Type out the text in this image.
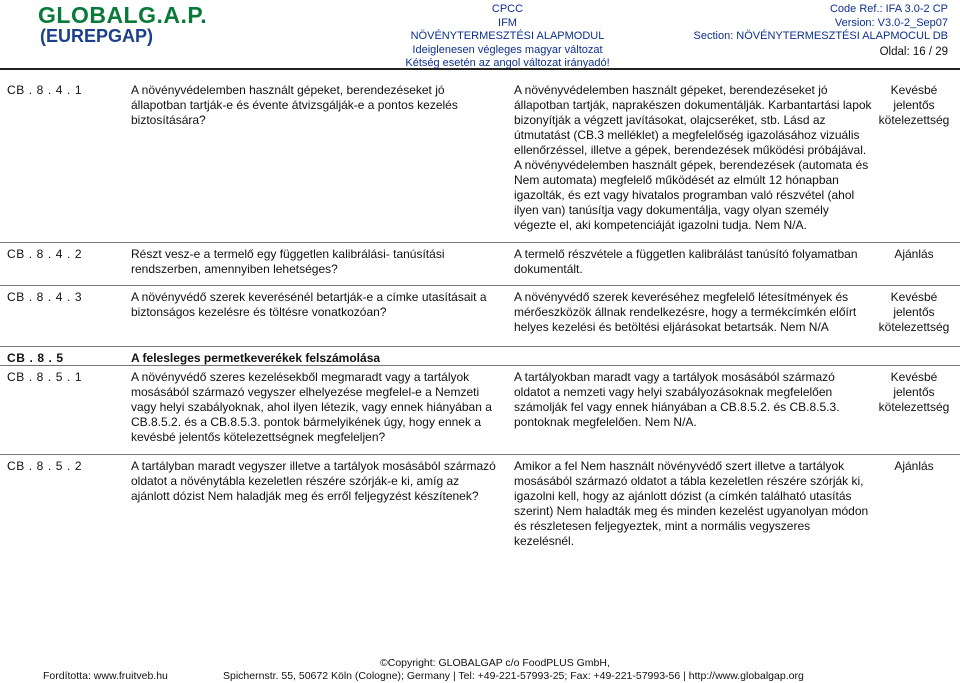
GLOBALG.A.P.
(EUREPGAP)
CPCC
IFM
NÖVÉNYTERMESZTÉSI ALAPMODUL
Ideiglenesen végleges magyar változat
Kétség esetén az angol változat irányadó!
Code Ref.: IFA 3.0-2 CP
Version: V3.0-2_Sep07
Section: NÖVÉNYTERMESZTÉSI ALAPMOCUL DB
Oldal: 16 / 29
CB . 8 . 4 . 1	A növényvédelemben használt gépeket, berendezéseket jó állapotban tartják-e és évente átvizsgálják-e a pontos kezelés biztosítására?
A növényvédelemben használt gépeket, berendezéseket jó állapotban tartják, naprakészen dokumentálják. Karbantartási lapok bizonyítják a végzett javításokat, olajcseréket, stb. Lásd az útmutatást (CB.3 melléklet) a megfelelőség igazolásához vizuális ellenőrzéssel, illetve a gépek, berendezések működési próbájával. A növényvédelemben használt gépek, berendezések (automata és Nem automata) megfelelő működését az elmúlt 12 hónapban igazolták, és ezt vagy hivatalos programban való részvétel (ahol ilyen van) tanúsítja vagy dokumentálja, vagy olyan személy végezte el, aki kompetenciáját igazolni tudja. Nem N/A.
Kevésbé jelentős kötelezettség
CB . 8 . 4 . 2	Részt vesz-e a termelő egy független kalibrálási- tanúsítási rendszerben, amennyiben lehetséges?
A termelő részvétele a független kalibrálást tanúsító folyamatban dokumentált.
Ajánlás
CB . 8 . 4 . 3	A növényvédő szerek keverésénél betartják-e a címke utasításait a biztonságos kezelésre és töltésre vonatkozóan?
A növényvédő szerek keveréséhez megfelelő létesítmények és mérőeszközök állnak rendelkezésre, hogy a termékcímkén előírt helyes kezelési és betöltési eljárásokat betartsák. Nem N/A
Kevésbé jelentős kötelezettség
CB . 8 . 5	A felesleges permetkeverékek felszámolása
CB . 8 . 5 . 1	A növényvédő szeres kezelésekből megmaradt vagy a tartályok mosásából származó vegyszer elhelyezése megfelel-e a Nemzeti vagy helyi szabályoknak, ahol ilyen létezik, vagy ennek hiányában a CB.8.5.2. és a CB.8.5.3. pontok bármelyikének úgy, hogy ennek a kevésbé jelentős kötelezettségnek megfeleljen?
A tartályokban maradt vagy a tartályok mosásából származó oldatot a nemzeti vagy helyi szabályozásoknak megfelelően számolják fel vagy ennek hiányában a CB.8.5.2. és CB.8.5.3. pontoknak megfelelően. Nem N/A.
Kevésbé jelentős kötelezettség
CB . 8 . 5 . 2	A tartályban maradt vegyszer illetve a tartályok mosásából származó oldatot a növénytábla kezeletlen részére szórják-e ki, amíg az ajánlott dózist Nem haladják meg és erről feljegyzést készítenek?
Amikor a fel Nem használt növényvédő szert illetve a tartályok mosásából származó oldatot a tábla kezeletlen részére szórják ki, igazolni kell, hogy az ajánlott dózist (a címkén található utasítás szerint) Nem haladták meg és minden kezelést ugyanolyan módon és részletesen feljegyeztek, mint a normális vegyszeres kezelésnél.
Ajánlás
©Copyright: GLOBALGAP c/o FoodPLUS GmbH,
Fordította: www.fruitveb.hu	Spichernstr. 55, 50672 Köln (Cologne); Germany | Tel: +49-221-57993-25; Fax: +49-221-57993-56 | http://www.globalgap.org
